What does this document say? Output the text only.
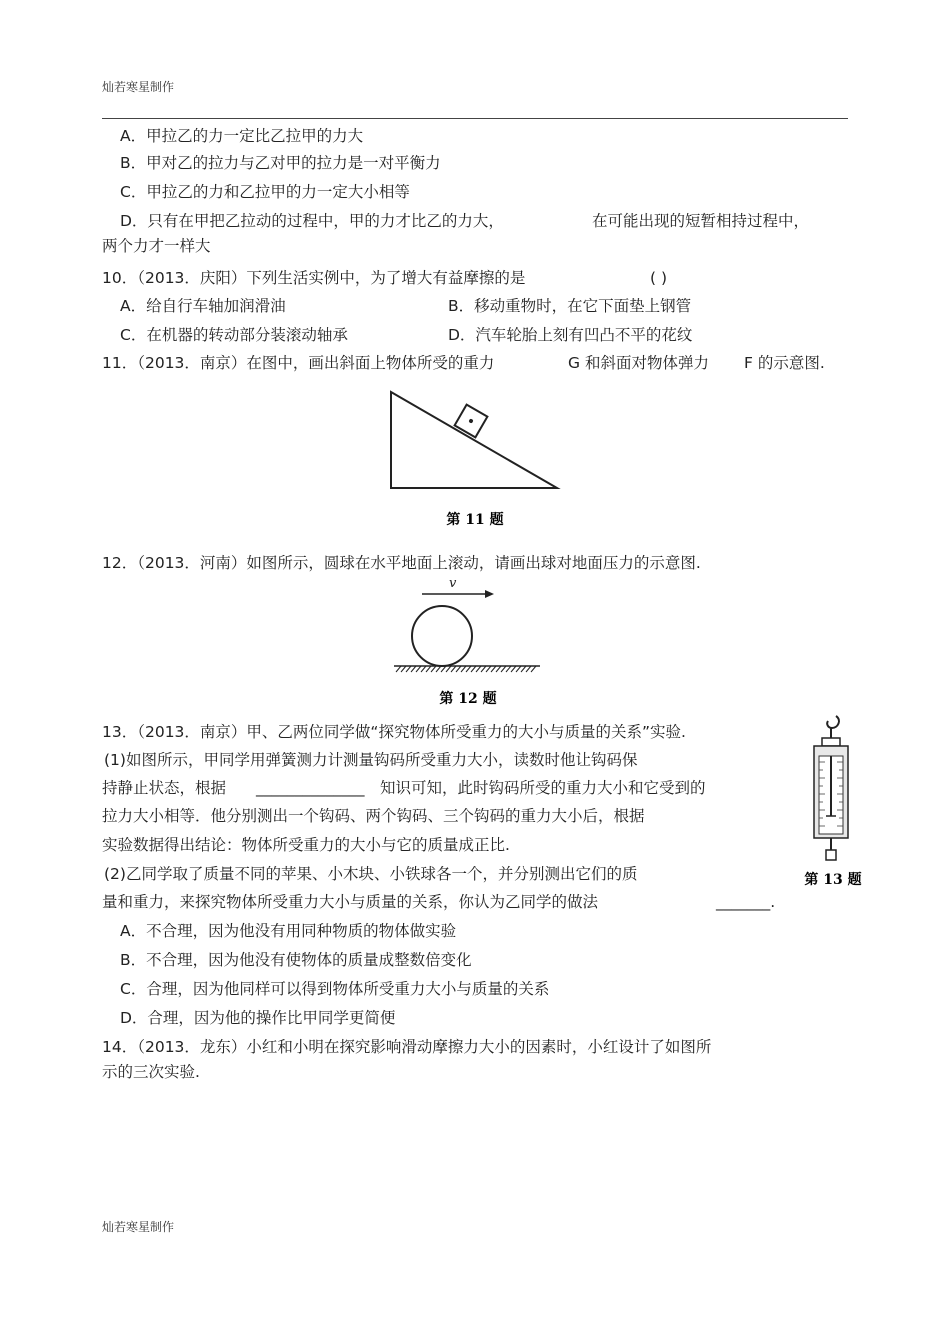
灿若寒星制作
A．甲拉乙的力一定比乙拉甲的力大
B．甲对乙的拉力与乙对甲的拉力是一对平衡力
C．甲拉乙的力和乙拉甲的力一定大小相等
D．只有在甲把乙拉动的过程中，甲的力才比乙的力大，	在可能出现的短暂相持过程中，
两个力才一样大
10．（2013．庆阳）下列生活实例中，为了增大有益摩擦的是	( )
A．给自行车轴加润滑油	B．移动重物时，在它下面垫上钢管
C．在机器的转动部分装滚动轴承	D．汽车轮胎上刻有凹凸不平的花纹
11．（2013．南京）在图中，画出斜面上物体所受的重力	G 和斜面对物体弹力 F 的示意图.
第 11 题
12．（2013．河南）如图所示，圆球在水平地面上滚动，请画出球对地面压力的示意图.
v
第 12 题
13．（2013．南京）甲、乙两位同学做“探究物体所受重力的大小与质量的关系”实验.
(1)如图所示，甲同学用弹簧测力计测量钩码所受重力大小，读数时他让钩码保
持静止状态，根据 ______________ 知识可知，此时钩码所受的重力大小和它受到的
拉力大小相等．他分别测出一个钩码、两个钩码、三个钩码的重力大小后，根据
实验数据得出结论：物体所受重力的大小与它的质量成正比.
(2)乙同学取了质量不同的苹果、小木块、小铁球各一个，并分别测出它们的质
量和重力，来探究物体所受重力大小与质量的关系，你认为乙同学的做法	_______.
A．不合理，因为他没有用同种物质的物体做实验
B．不合理，因为他没有使物体的质量成整数倍变化
C．合理，因为他同样可以得到物体所受重力大小与质量的关系
D．合理，因为他的操作比甲同学更简便
第 13 题
14．（2013．龙东）小红和小明在探究影响滑动摩擦力大小的因素时，小红设计了如图所
示的三次实验.
灿若寒星制作
